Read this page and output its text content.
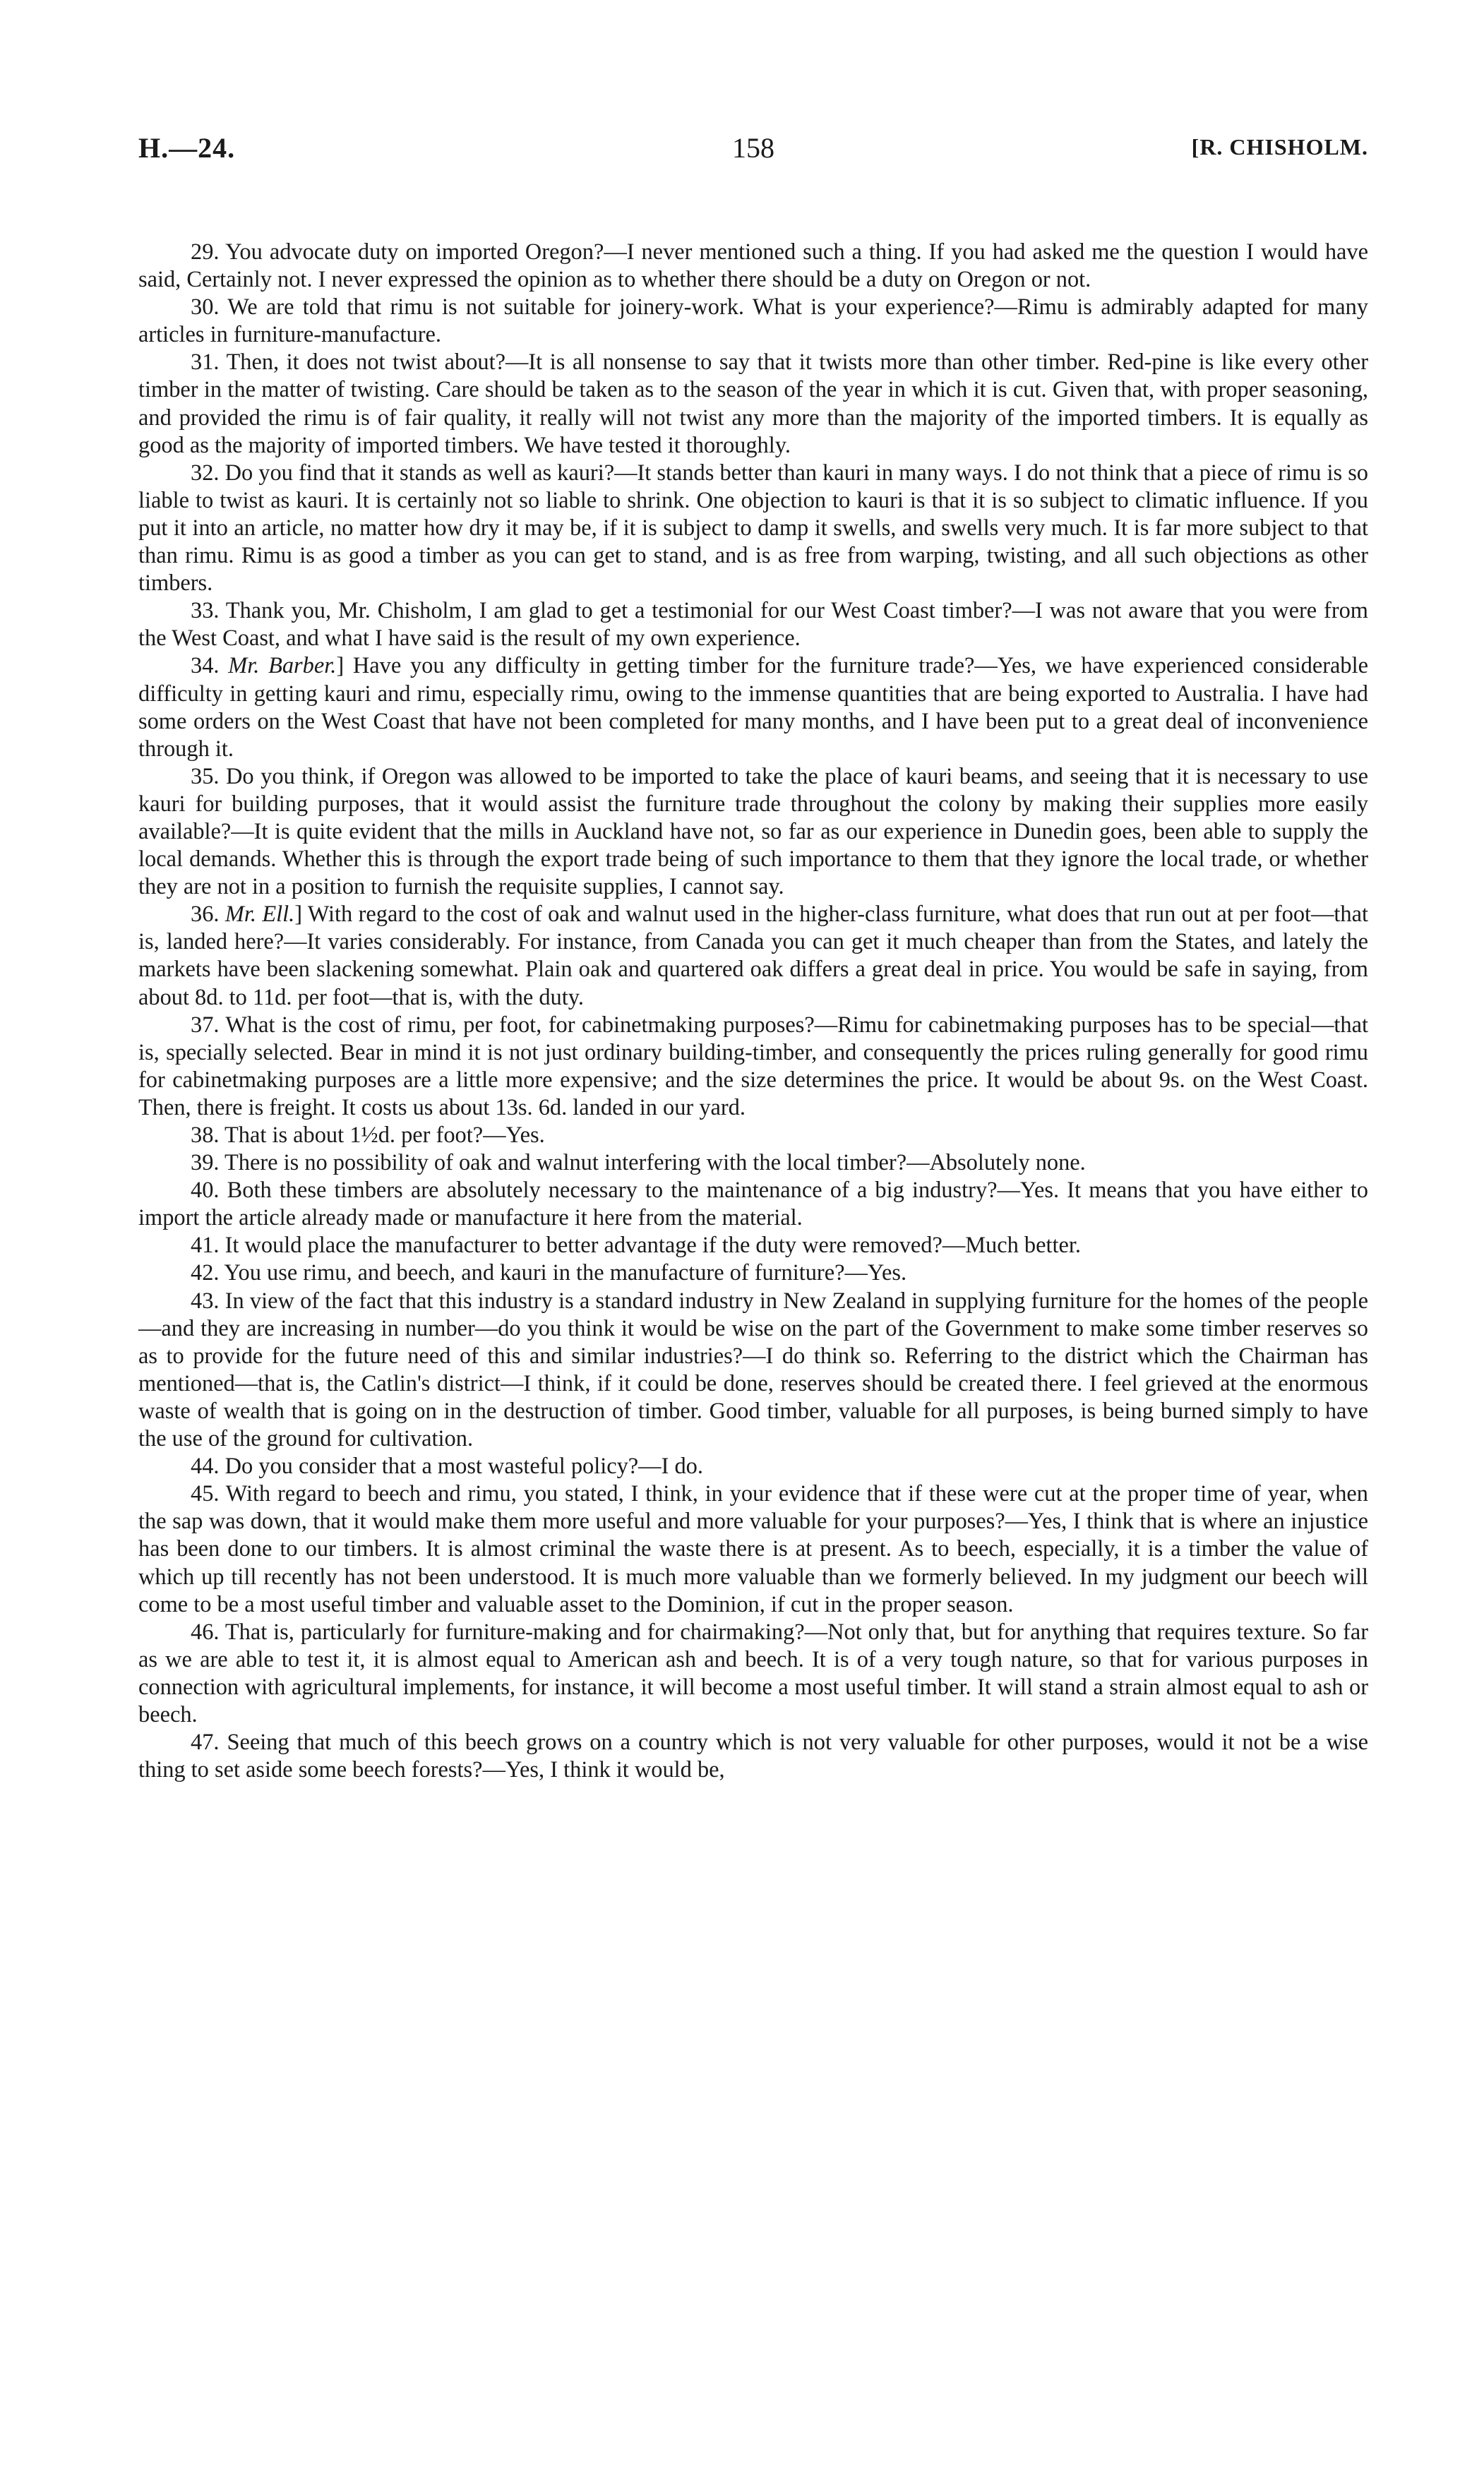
H.—24.	158	[R. CHISHOLM.

29. You advocate duty on imported Oregon?—I never mentioned such a thing. If you had asked me the question I would have said, Certainly not. I never expressed the opinion as to whether there should be a duty on Oregon or not.

30. We are told that rimu is not suitable for joinery-work. What is your experience?—Rimu is admirably adapted for many articles in furniture-manufacture.

31. Then, it does not twist about?—It is all nonsense to say that it twists more than other timber. Red-pine is like every other timber in the matter of twisting. Care should be taken as to the season of the year in which it is cut. Given that, with proper seasoning, and provided the rimu is of fair quality, it really will not twist any more than the majority of the imported timbers. It is equally as good as the majority of imported timbers. We have tested it thoroughly.

32. Do you find that it stands as well as kauri?—It stands better than kauri in many ways. I do not think that a piece of rimu is so liable to twist as kauri. It is certainly not so liable to shrink. One objection to kauri is that it is so subject to climatic influence. If you put it into an article, no matter how dry it may be, if it is subject to damp it swells, and swells very much. It is far more subject to that than rimu. Rimu is as good a timber as you can get to stand, and is as free from warping, twisting, and all such objections as other timbers.

33. Thank you, Mr. Chisholm, I am glad to get a testimonial for our West Coast timber?—I was not aware that you were from the West Coast, and what I have said is the result of my own experience.

34. Mr. Barber.] Have you any difficulty in getting timber for the furniture trade?—Yes, we have experienced considerable difficulty in getting kauri and rimu, especially rimu, owing to the immense quantities that are being exported to Australia. I have had some orders on the West Coast that have not been completed for many months, and I have been put to a great deal of inconvenience through it.

35. Do you think, if Oregon was allowed to be imported to take the place of kauri beams, and seeing that it is necessary to use kauri for building purposes, that it would assist the furniture trade throughout the colony by making their supplies more easily available?—It is quite evident that the mills in Auckland have not, so far as our experience in Dunedin goes, been able to supply the local demands. Whether this is through the export trade being of such importance to them that they ignore the local trade, or whether they are not in a position to furnish the requisite supplies, I cannot say.

36. Mr. Ell.] With regard to the cost of oak and walnut used in the higher-class furniture, what does that run out at per foot—that is, landed here?—It varies considerably. For instance, from Canada you can get it much cheaper than from the States, and lately the markets have been slackening somewhat. Plain oak and quartered oak differs a great deal in price. You would be safe in saying, from about 8d. to 11d. per foot—that is, with the duty.

37. What is the cost of rimu, per foot, for cabinetmaking purposes?—Rimu for cabinetmaking purposes has to be special—that is, specially selected. Bear in mind it is not just ordinary building-timber, and consequently the prices ruling generally for good rimu for cabinetmaking purposes are a little more expensive; and the size determines the price. It would be about 9s. on the West Coast. Then, there is freight. It costs us about 13s. 6d. landed in our yard.

38. That is about 1½d. per foot?—Yes.

39. There is no possibility of oak and walnut interfering with the local timber?—Absolutely none.

40. Both these timbers are absolutely necessary to the maintenance of a big industry?—Yes. It means that you have either to import the article already made or manufacture it here from the material.

41. It would place the manufacturer to better advantage if the duty were removed?—Much better.

42. You use rimu, and beech, and kauri in the manufacture of furniture?—Yes.

43. In view of the fact that this industry is a standard industry in New Zealand in supplying furniture for the homes of the people—and they are increasing in number—do you think it would be wise on the part of the Government to make some timber reserves so as to provide for the future need of this and similar industries?—I do think so. Referring to the district which the Chairman has mentioned—that is, the Catlin's district—I think, if it could be done, reserves should be created there. I feel grieved at the enormous waste of wealth that is going on in the destruction of timber. Good timber, valuable for all purposes, is being burned simply to have the use of the ground for cultivation.

44. Do you consider that a most wasteful policy?—I do.

45. With regard to beech and rimu, you stated, I think, in your evidence that if these were cut at the proper time of year, when the sap was down, that it would make them more useful and more valuable for your purposes?—Yes, I think that is where an injustice has been done to our timbers. It is almost criminal the waste there is at present. As to beech, especially, it is a timber the value of which up till recently has not been understood. It is much more valuable than we formerly believed. In my judgment our beech will come to be a most useful timber and valuable asset to the Dominion, if cut in the proper season.

46. That is, particularly for furniture-making and for chairmaking?—Not only that, but for anything that requires texture. So far as we are able to test it, it is almost equal to American ash and beech. It is of a very tough nature, so that for various purposes in connection with agricultural implements, for instance, it will become a most useful timber. It will stand a strain almost equal to ash or beech.

47. Seeing that much of this beech grows on a country which is not very valuable for other purposes, would it not be a wise thing to set aside some beech forests?—Yes, I think it would be,
